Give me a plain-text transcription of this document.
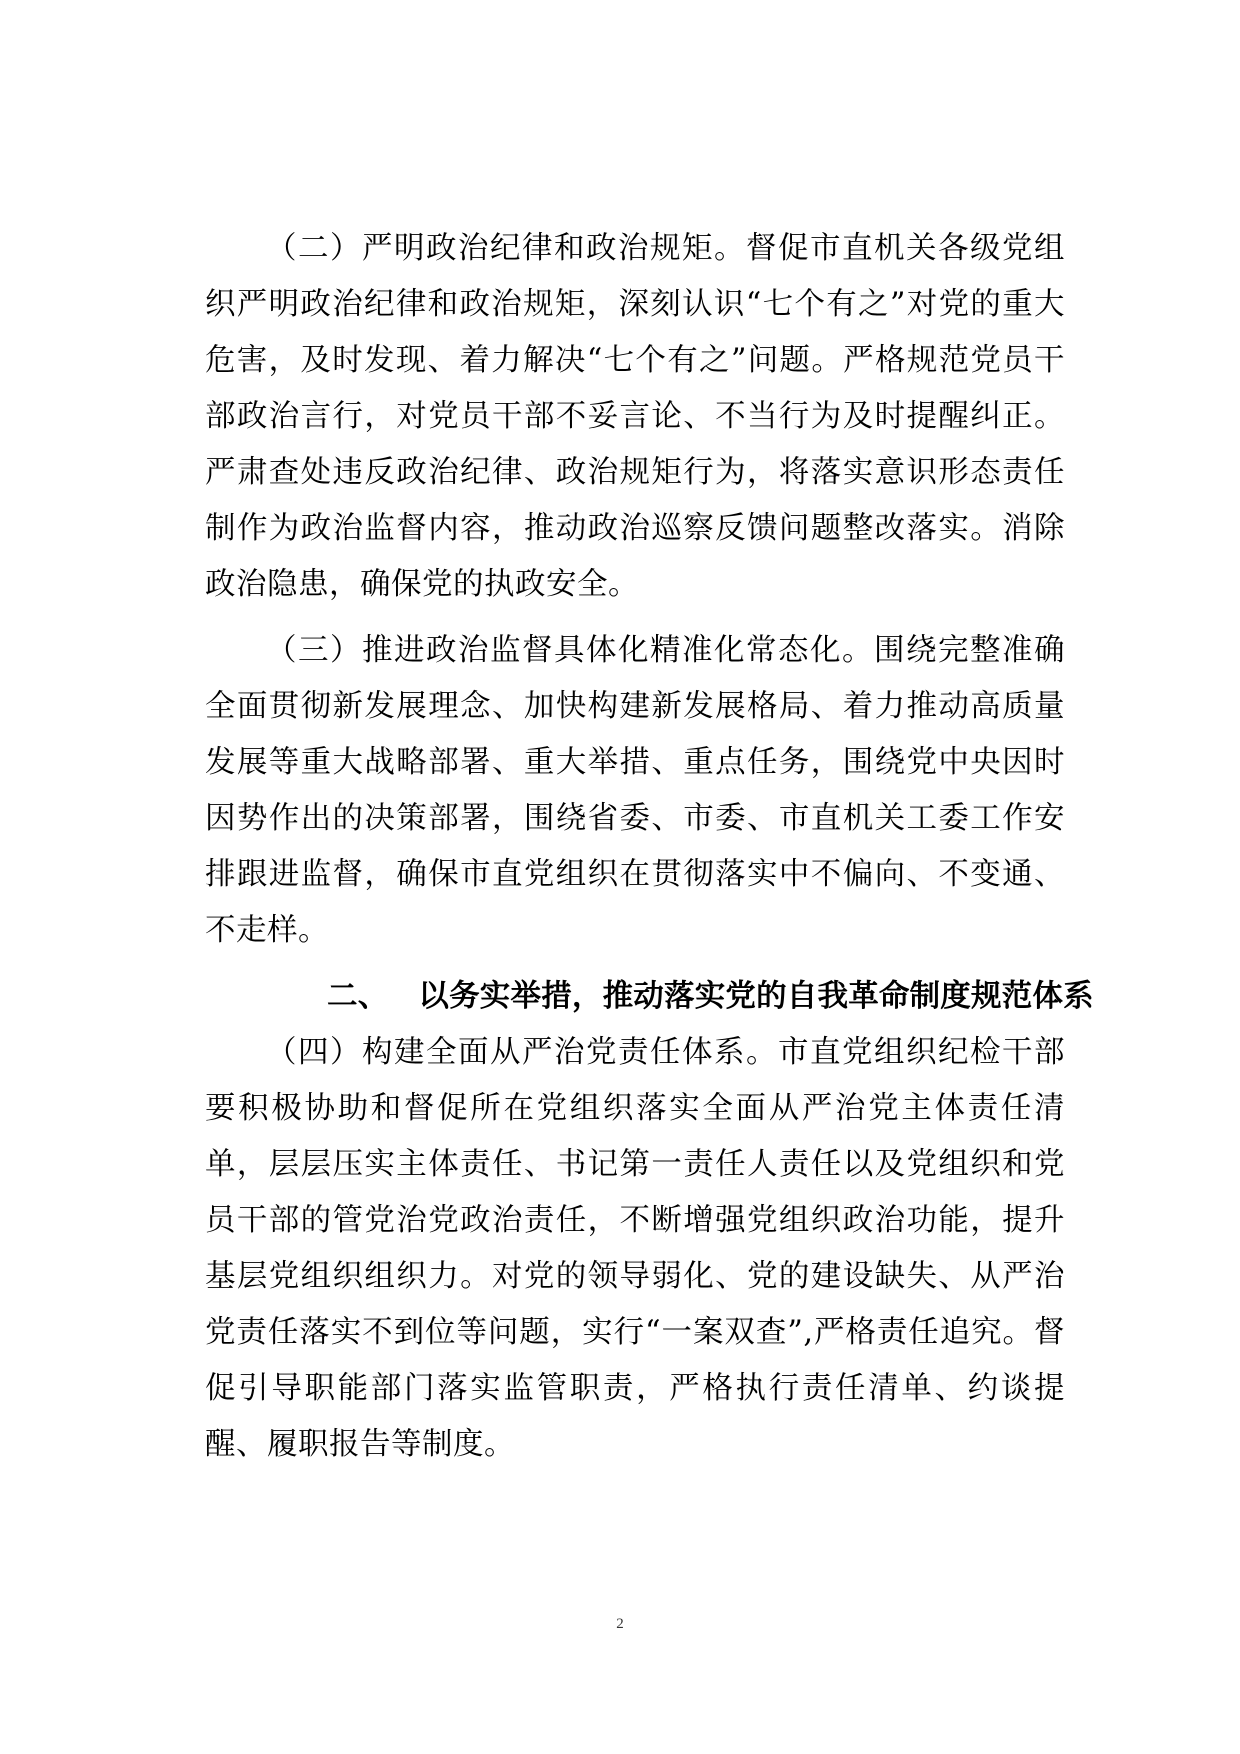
（二）严明政治纪律和政治规矩。督促市直机关各级党组织严明政治纪律和政治规矩，深刻认识“七个有之”对党的重大危害，及时发现、着力解决“七个有之”问题。严格规范党员干部政治言行，对党员干部不妥言论、不当行为及时提醒纠正。严肃查处违反政治纪律、政治规矩行为，将落实意识形态责任制作为政治监督内容，推动政治巡察反馈问题整改落实。消除政治隐患，确保党的执政安全。

（三）推进政治监督具体化精准化常态化。围绕完整准确全面贯彻新发展理念、加快构建新发展格局、着力推动高质量发展等重大战略部署、重大举措、重点任务，围绕党中央因时因势作出的决策部署，围绕省委、市委、市直机关工委工作安排跟进监督，确保市直党组织在贯彻落实中不偏向、不变通、不走样。

二、 以务实举措，推动落实党的自我革命制度规范体系

（四）构建全面从严治党责任体系。市直党组织纪检干部要积极协助和督促所在党组织落实全面从严治党主体责任清单，层层压实主体责任、书记第一责任人责任以及党组织和党员干部的管党治党政治责任，不断增强党组织政治功能，提升基层党组织组织力。对党的领导弱化、党的建设缺失、从严治党责任落实不到位等问题，实行“一案双查”,严格责任追究。督促引导职能部门落实监管职责，严格执行责任清单、约谈提醒、履职报告等制度。

2
